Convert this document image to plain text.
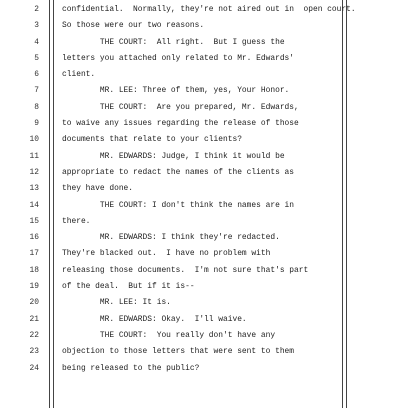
2	confidential.  Normally, they're not aired out in  open court.
3	So those were our two reasons.
4	THE COURT:  All right.  But I guess the
5	letters you attached only related to Mr. Edwards'
6	client.
7	MR. LEE: Three of them, yes, Your Honor.
8	THE COURT:  Are you prepared, Mr. Edwards,
9	to waive any issues regarding the release of those
10	documents that relate to your clients?
11	MR. EDWARDS: Judge, I think it would be
12	appropriate to redact the names of the clients as
13	they have done.
14	THE COURT: I don't think the names are in
15	there.
16	MR. EDWARDS: I think they're redacted.
17	They're blacked out.  I have no problem with
18	releasing those documents.  I'm not sure that's part
19	of the deal.  But if it is--
20	MR. LEE: It is.
21	MR. EDWARDS: Okay.  I'll waive.
22	THE COURT:  You really don't have any
23	objection to those letters that were sent to them
24	being released to the public?
